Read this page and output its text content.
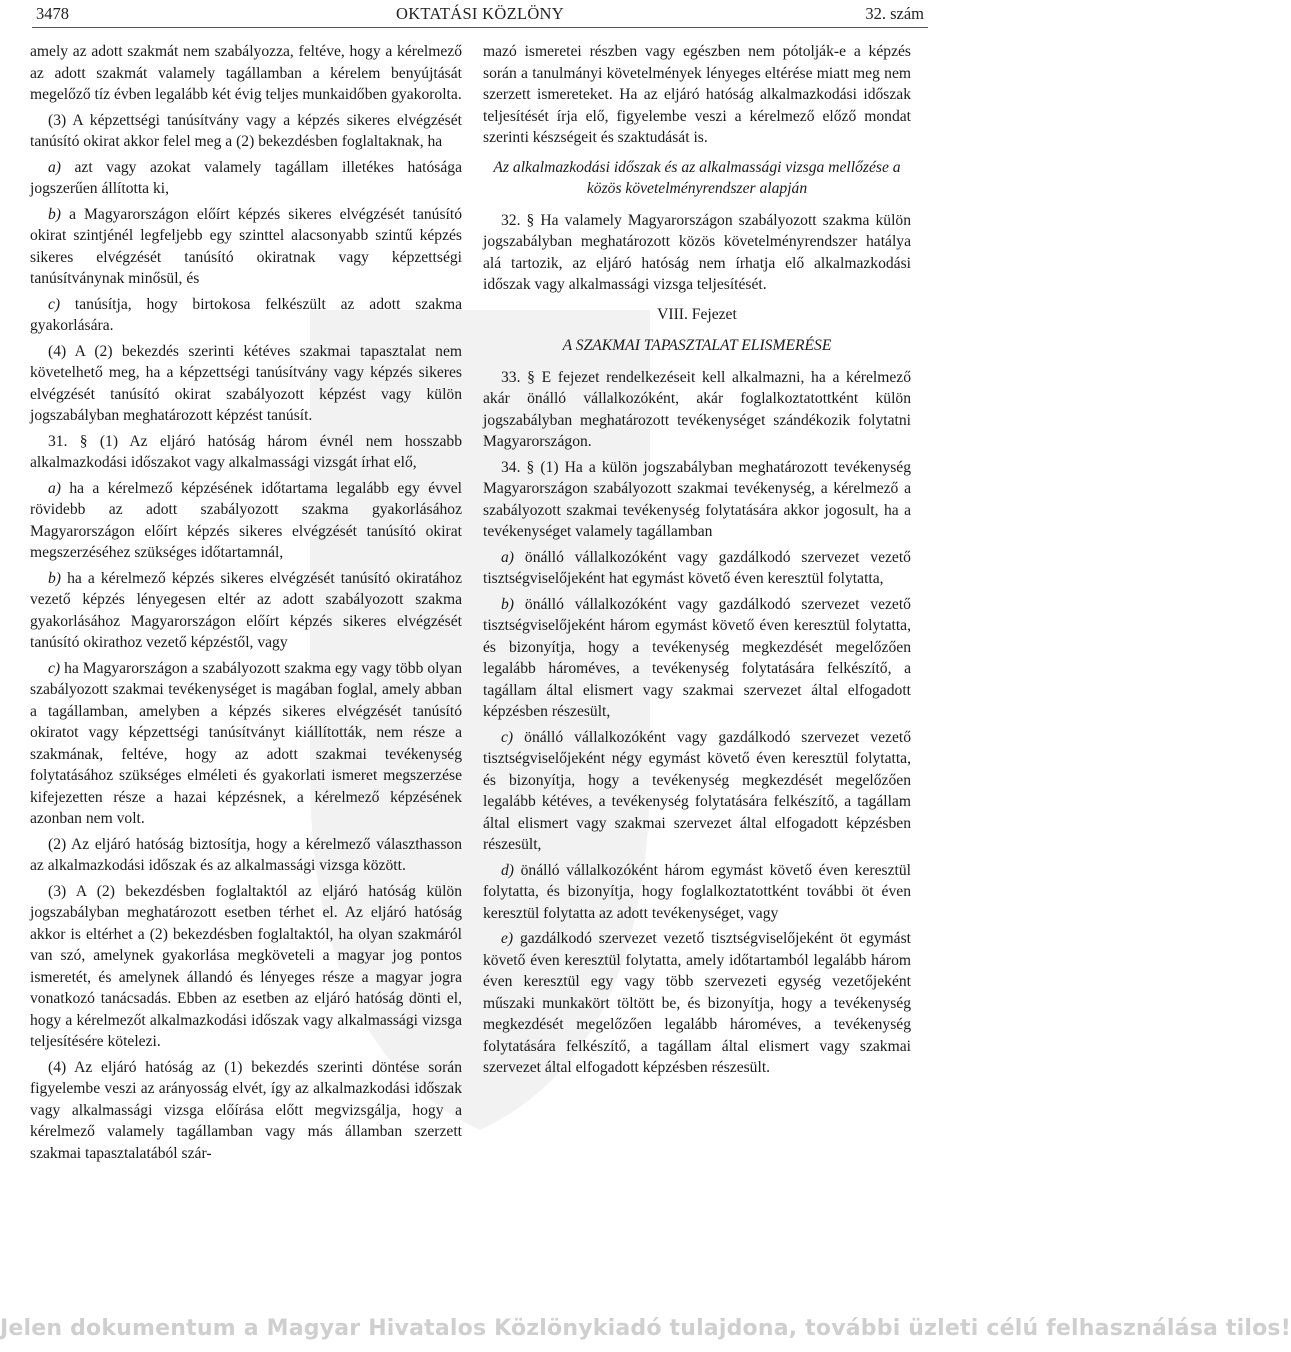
3478	OKTATÁSI KÖZLÖNY	32. szám

amely az adott szakmát nem szabályozza, feltéve, hogy a kérelmező az adott szakmát valamely tagállamban a kérelem benyújtását megelőző tíz évben legalább két évig teljes munkaidőben gyakorolta.

(3) A képzettségi tanúsítvány vagy a képzés sikeres elvégzését tanúsító okirat akkor felel meg a (2) bekezdésben foglaltaknak, ha

a) azt vagy azokat valamely tagállam illetékes hatósága jogszerűen állította ki,

b) a Magyarországon előírt képzés sikeres elvégzését tanúsító okirat szintjénél legfeljebb egy szinttel alacsonyabb szintű képzés sikeres elvégzését tanúsító okiratnak vagy képzettségi tanúsítványnak minősül, és

c) tanúsítja, hogy birtokosa felkészült az adott szakma gyakorlására.

(4) A (2) bekezdés szerinti kétéves szakmai tapasztalat nem követelhető meg, ha a képzettségi tanúsítvány vagy képzés sikeres elvégzését tanúsító okirat szabályozott képzést vagy külön jogszabályban meghatározott képzést tanúsít.

31. § (1) Az eljáró hatóság három évnél nem hosszabb alkalmazkodási időszakot vagy alkalmassági vizsgát írhat elő,

a) ha a kérelmező képzésének időtartama legalább egy évvel rövidebb az adott szabályozott szakma gyakorlásához Magyarországon előírt képzés sikeres elvégzését tanúsító okirat megszerzéséhez szükséges időtartamnál,

b) ha a kérelmező képzés sikeres elvégzését tanúsító okiratához vezető képzés lényegesen eltér az adott szabályozott szakma gyakorlásához Magyarországon előírt képzés sikeres elvégzését tanúsító okirathoz vezető képzéstől, vagy

c) ha Magyarországon a szabályozott szakma egy vagy több olyan szabályozott szakmai tevékenységet is magában foglal, amely abban a tagállamban, amelyben a képzés sikeres elvégzését tanúsító okiratot vagy képzettségi tanúsítványt kiállították, nem része a szakmának, feltéve, hogy az adott szakmai tevékenység folytatásához szükséges elméleti és gyakorlati ismeret megszerzése kifejezetten része a hazai képzésnek, a kérelmező képzésének azonban nem volt.

(2) Az eljáró hatóság biztosítja, hogy a kérelmező választhasson az alkalmazkodási időszak és az alkalmassági vizsga között.

(3) A (2) bekezdésben foglaltaktól az eljáró hatóság külön jogszabályban meghatározott esetben térhet el. Az eljáró hatóság akkor is eltérhet a (2) bekezdésben foglaltaktól, ha olyan szakmáról van szó, amelynek gyakorlása megköveteli a magyar jog pontos ismeretét, és amelynek állandó és lényeges része a magyar jogra vonatkozó tanácsadás. Ebben az esetben az eljáró hatóság dönti el, hogy a kérelmezőt alkalmazkodási időszak vagy alkalmassági vizsga teljesítésére kötelezi.

(4) Az eljáró hatóság az (1) bekezdés szerinti döntése során figyelembe veszi az arányosság elvét, így az alkalmazkodási időszak vagy alkalmassági vizsga előírása előtt megvizsgálja, hogy a kérelmező valamely tagállamban vagy más államban szerzett szakmai tapasztalatából szár-

mazó ismeretei részben vagy egészben nem pótolják-e a képzés során a tanulmányi követelmények lényeges eltérése miatt meg nem szerzett ismereteket. Ha az eljáró hatóság alkalmazkodási időszak teljesítését írja elő, figyelembe veszi a kérelmező előző mondat szerinti készségeit és szaktudását is.

Az alkalmazkodási időszak és az alkalmassági vizsga mellőzése a közös követelményrendszer alapján

32. § Ha valamely Magyarországon szabályozott szakma külön jogszabályban meghatározott közös követelményrendszer hatálya alá tartozik, az eljáró hatóság nem írhatja elő alkalmazkodási időszak vagy alkalmassági vizsga teljesítését.

VIII. Fejezet

A SZAKMAI TAPASZTALAT ELISMERÉSE

33. § E fejezet rendelkezéseit kell alkalmazni, ha a kérelmező akár önálló vállalkozóként, akár foglalkoztatottként külön jogszabályban meghatározott tevékenységet szándékozik folytatni Magyarországon.

34. § (1) Ha a külön jogszabályban meghatározott tevékenység Magyarországon szabályozott szakmai tevékenység, a kérelmező a szabályozott szakmai tevékenység folytatására akkor jogosult, ha a tevékenységet valamely tagállamban

a) önálló vállalkozóként vagy gazdálkodó szervezet vezető tisztségviselőjeként hat egymást követő éven keresztül folytatta,

b) önálló vállalkozóként vagy gazdálkodó szervezet vezető tisztségviselőjeként három egymást követő éven keresztül folytatta, és bizonyítja, hogy a tevékenység megkezdését megelőzően legalább hároméves, a tevékenység folytatására felkészítő, a tagállam által elismert vagy szakmai szervezet által elfogadott képzésben részesült,

c) önálló vállalkozóként vagy gazdálkodó szervezet vezető tisztségviselőjeként négy egymást követő éven keresztül folytatta, és bizonyítja, hogy a tevékenység megkezdését megelőzően legalább kétéves, a tevékenység folytatására felkészítő, a tagállam által elismert vagy szakmai szervezet által elfogadott képzésben részesült,

d) önálló vállalkozóként három egymást követő éven keresztül folytatta, és bizonyítja, hogy foglalkoztatottként további öt éven keresztül folytatta az adott tevékenységet, vagy

e) gazdálkodó szervezet vezető tisztségviselőjeként öt egymást követő éven keresztül folytatta, amely időtartamból legalább három éven keresztül egy vagy több szervezeti egység vezetőjeként műszaki munkakört töltött be, és bizonyítja, hogy a tevékenység megkezdését megelőzően legalább hároméves, a tevékenység folytatására felkészítő, a tagállam által elismert vagy szakmai szervezet által elfogadott képzésben részesült.

Jelen dokumentum a Magyar Hivatalos Közlönykiadó tulajdona, további üzleti célú felhasználása tilos!
